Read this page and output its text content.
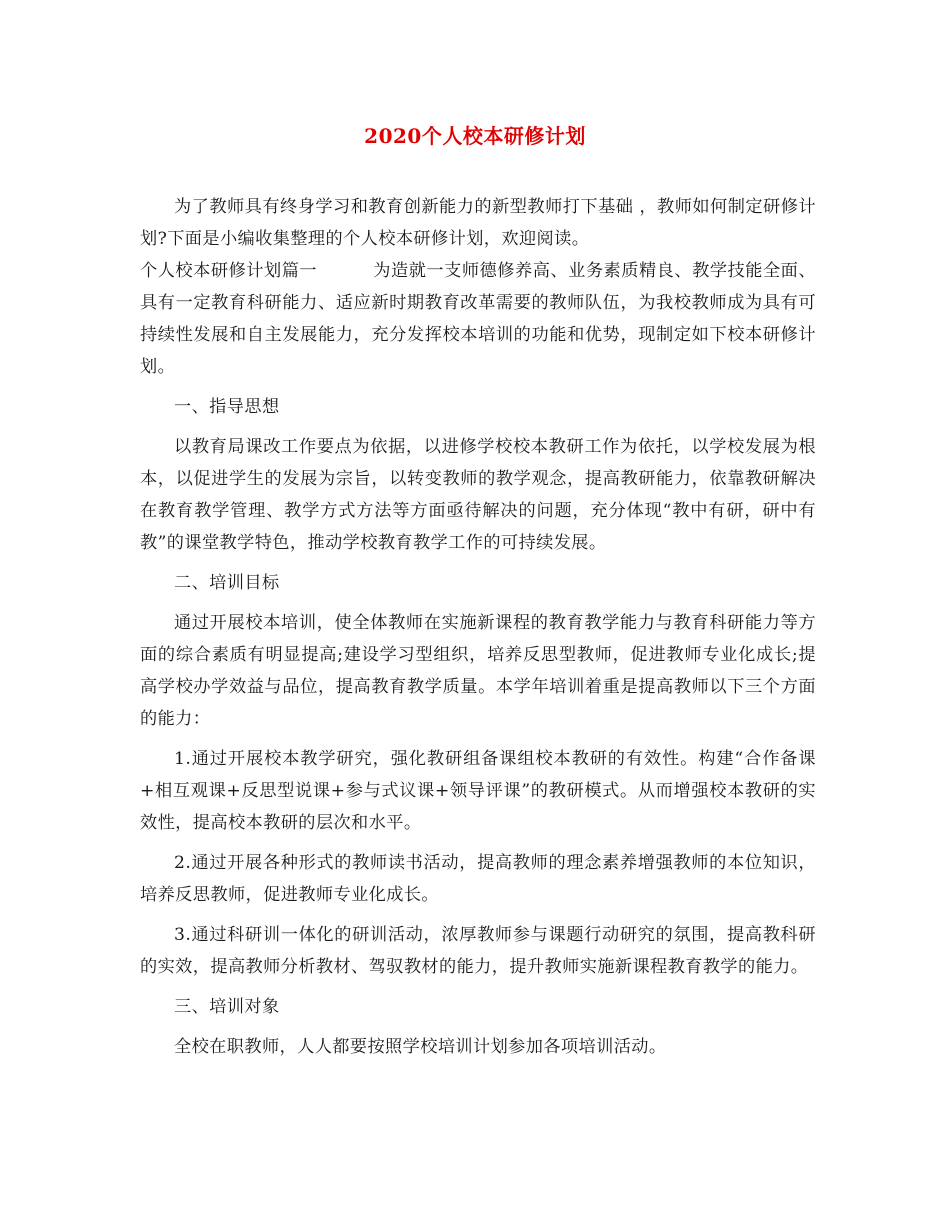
2020个人校本研修计划

为了教师具有终身学习和教育创新能力的新型教师打下基础 ，教师如何制定研修计划?下面是小编收集整理的个人校本研修计划，欢迎阅读。

个人校本研修计划篇一	为造就一支师德修养高、业务素质精良、教学技能全面、具有一定教育科研能力、适应新时期教育改革需要的教师队伍，为我校教师成为具有可持续性发展和自主发展能力，充分发挥校本培训的功能和优势，现制定如下校本研修计划。

一、指导思想

以教育局课改工作要点为依据，以进修学校校本教研工作为依托，以学校发展为根本，以促进学生的发展为宗旨，以转变教师的教学观念，提高教研能力，依靠教研解决在教育教学管理、教学方式方法等方面亟待解决的问题，充分体现“教中有研，研中有教”的课堂教学特色，推动学校教育教学工作的可持续发展。

二、培训目标

通过开展校本培训，使全体教师在实施新课程的教育教学能力与教育科研能力等方面的综合素质有明显提高;建设学习型组织，培养反思型教师，促进教师专业化成长;提高学校办学效益与品位，提高教育教学质量。本学年培训着重是提高教师以下三个方面的能力：

1.通过开展校本教学研究，强化教研组备课组校本教研的有效性。构建“合作备课+相互观课+反思型说课+参与式议课+领导评课”的教研模式。从而增强校本教研的实效性，提高校本教研的层次和水平。

2.通过开展各种形式的教师读书活动，提高教师的理念素养增强教师的本位知识，培养反思教师，促进教师专业化成长。

3.通过科研训一体化的研训活动，浓厚教师参与课题行动研究的氛围，提高教科研的实效，提高教师分析教材、驾驭教材的能力，提升教师实施新课程教育教学的能力。

三、培训对象

全校在职教师，人人都要按照学校培训计划参加各项培训活动。
